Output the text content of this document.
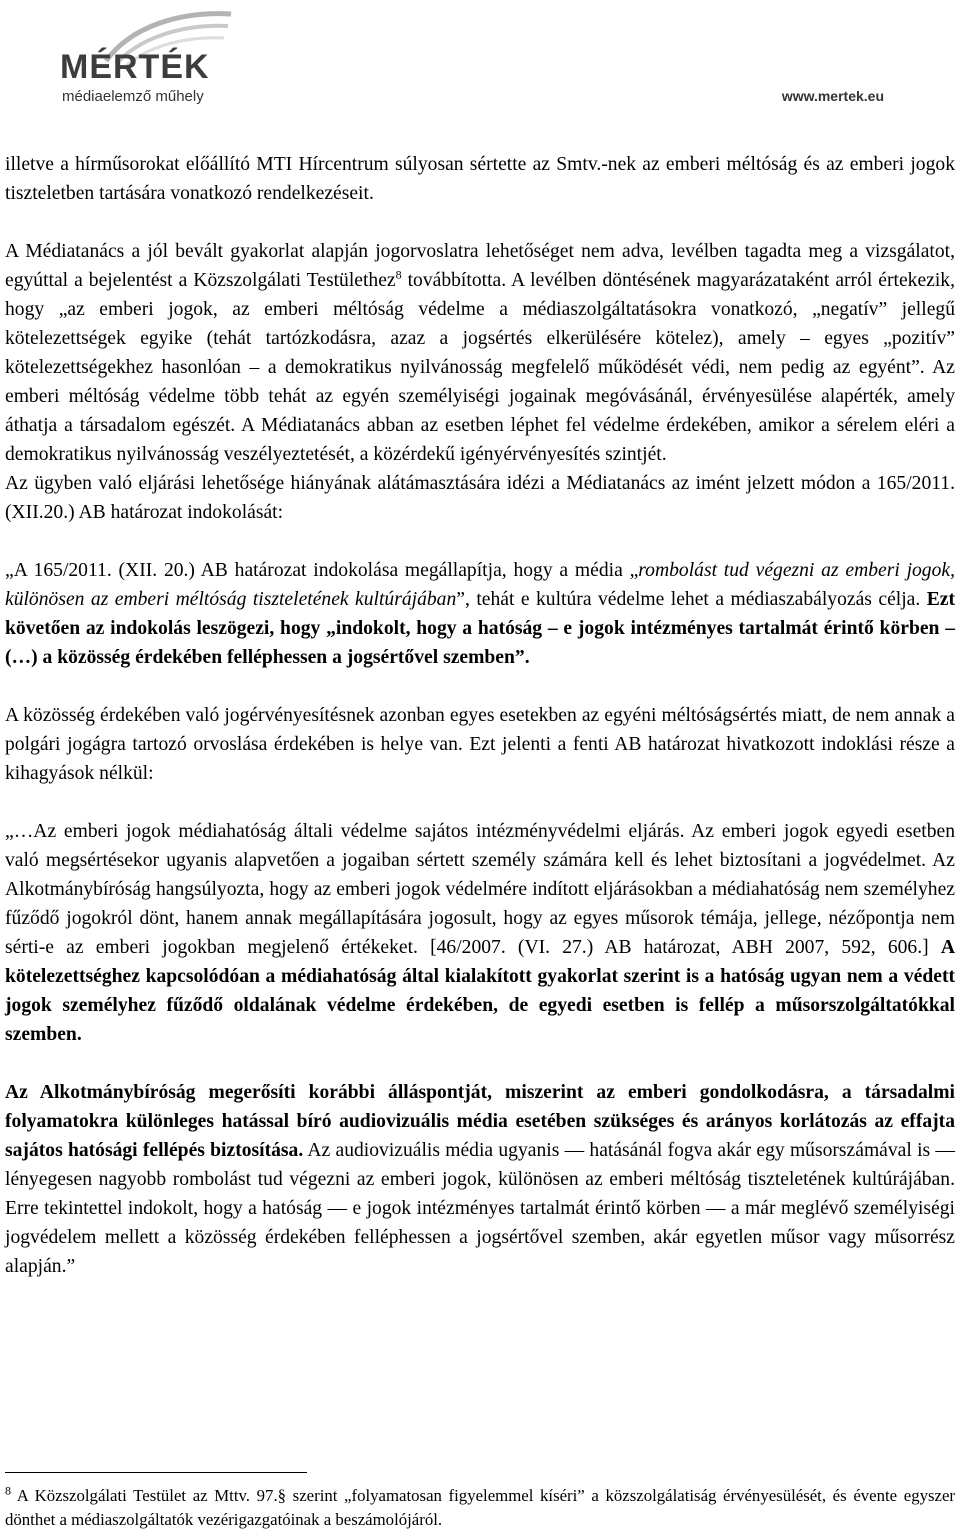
MÉRTÉK
médiaelemző műhely	www.mertek.eu

illetve a hírműsorokat előállító MTI Hírcentrum súlyosan sértette az Smtv.-nek az emberi méltóság és az emberi jogok tiszteletben tartására vonatkozó rendelkezéseit.

A Médiatanács a jól bevált gyakorlat alapján jogorvoslatra lehetőséget nem adva, levélben tagadta meg a vizsgálatot, egyúttal a bejelentést a Közszolgálati Testülethez$^8$ továbbította. A levélben döntésének magyarázataként arról értekezik, hogy „az emberi jogok, az emberi méltóság védelme a médiaszolgáltatásokra vonatkozó, „negatív” jellegű kötelezettségek egyike (tehát tartózkodásra, azaz a jogsértés elkerülésére kötelez), amely – egyes „pozitív” kötelezettségekhez hasonlóan – a demokratikus nyilvánosság megfelelő működését védi, nem pedig az egyént”. Az emberi méltóság védelme több tehát az egyén személyiségi jogainak megóvásánál, érvényesülése alapérték, amely áthatja a társadalom egészét. A Médiatanács abban az esetben léphet fel védelme érdekében, amikor a sérelem eléri a demokratikus nyilvánosság veszélyeztetését, a közérdekű igényérvényesítés szintjét.

Az ügyben való eljárási lehetősége hiányának alátámasztására idézi a Médiatanács az imént jelzett módon a 165/2011. (XII.20.) AB határozat indokolását:

„A 165/2011. (XII. 20.) AB határozat indokolása megállapítja, hogy a média „rombolást tud végezni az emberi jogok, különösen az emberi méltóság tiszteletének kultúrájában”, tehát e kultúra védelme lehet a médiaszabályozás célja. Ezt követően az indokolás leszögezi, hogy „indokolt, hogy a hatóság – e jogok intézményes tartalmát érintő körben – (…) a közösség érdekében felléphessen a jogsértővel szemben”.

A közösség érdekében való jogérvényesítésnek azonban egyes esetekben az egyéni méltóságsértés miatt, de nem annak a polgári jogágra tartozó orvoslása érdekében is helye van. Ezt jelenti a fenti AB határozat hivatkozott indoklási része a kihagyások nélkül:

„…Az emberi jogok médiahatóság általi védelme sajátos intézményvédelmi eljárás. Az emberi jogok egyedi esetben való megsértésekor ugyanis alapvetően a jogaiban sértett személy számára kell és lehet biztosítani a jogvédelmet. Az Alkotmánybíróság hangsúlyozta, hogy az emberi jogok védelmére indított eljárásokban a médiahatóság nem személyhez fűződő jogokról dönt, hanem annak megállapítására jogosult, hogy az egyes műsorok témája, jellege, nézőpontja nem sérti-e az emberi jogokban megjelenő értékeket. [46/2007. (VI. 27.) AB határozat, ABH 2007, 592, 606.] A kötelezettséghez kapcsolódóan a médiahatóság által kialakított gyakorlat szerint is a hatóság ugyan nem a védett jogok személyhez fűződő oldalának védelme érdekében, de egyedi esetben is fellép a műsorszolgáltatókkal szemben.

Az Alkotmánybíróság megerősíti korábbi álláspontját, miszerint az emberi gondolkodásra, a társadalmi folyamatokra különleges hatással bíró audiovizuális média esetében szükséges és arányos korlátozás az effajta sajátos hatósági fellépés biztosítása. Az audiovizuális média ugyanis — hatásánál fogva akár egy műsorszámával is — lényegesen nagyobb rombolást tud végezni az emberi jogok, különösen az emberi méltóság tiszteletének kultúrájában. Erre tekintettel indokolt, hogy a hatóság — e jogok intézményes tartalmát érintő körben — a már meglévő személyiségi jogvédelem mellett a közösség érdekében felléphessen a jogsértővel szemben, akár egyetlen műsor vagy műsorrész alapján.”

$^8$ A Közszolgálati Testület az Mttv. 97.§ szerint „folyamatosan figyelemmel kíséri” a közszolgálatiság érvényesülését, és évente egyszer dönthet a médiaszolgáltatók vezérigazgatóinak a beszámolójáról.
